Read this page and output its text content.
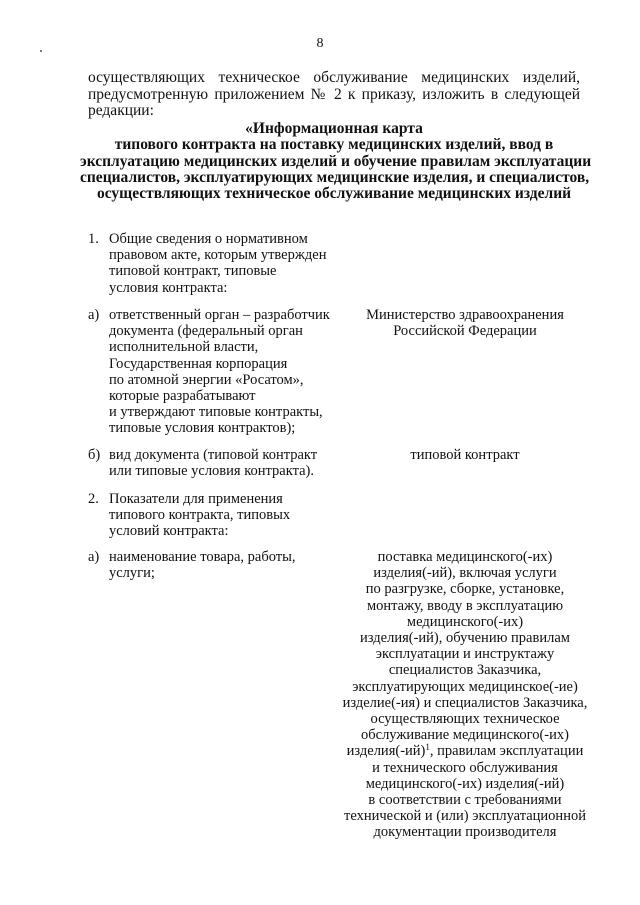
8
осуществляющих техническое обслуживание медицинских изделий,
предусмотренную приложением № 2 к приказу, изложить в следующей
редакции:
«Информационная карта
типового контракта на поставку медицинских изделий, ввод в
эксплуатацию медицинских изделий и обучение правилам эксплуатации
специалистов, эксплуатирующих медицинские изделия, и специалистов,
осуществляющих техническое обслуживание медицинских изделий
1. Общие сведения о нормативном
правовом акте, которым утвержден
типовой контракт, типовые
условия контракта:
а) ответственный орган – разработчик
документа (федеральный орган
исполнительной власти,
Государственная корпорация
по атомной энергии «Росатом»,
которые разрабатывают
и утверждают типовые контракты,
типовые условия контрактов);
Министерство здравоохранения
Российской Федерации
б) вид документа (типовой контракт
или типовые условия контракта).
типовой контракт
2. Показатели для применения
типового контракта, типовых
условий контракта:
а) наименование товара, работы,
услуги;
поставка медицинского(-их)
изделия(-ий), включая услуги
по разгрузке, сборке, установке,
монтажу, вводу в эксплуатацию
медицинского(-их)
изделия(-ий), обучению правилам
эксплуатации и инструктажу
специалистов Заказчика,
эксплуатирующих медицинское(-ие)
изделие(-ия) и специалистов Заказчика,
осуществляющих техническое
обслуживание медицинского(-их)
$изделия(-ий)^1$, правилам эксплуатации
и технического обслуживания
медицинского(-их) изделия(-ий)
в соответствии с требованиями
технической и (или) эксплуатационной
документации производителя
